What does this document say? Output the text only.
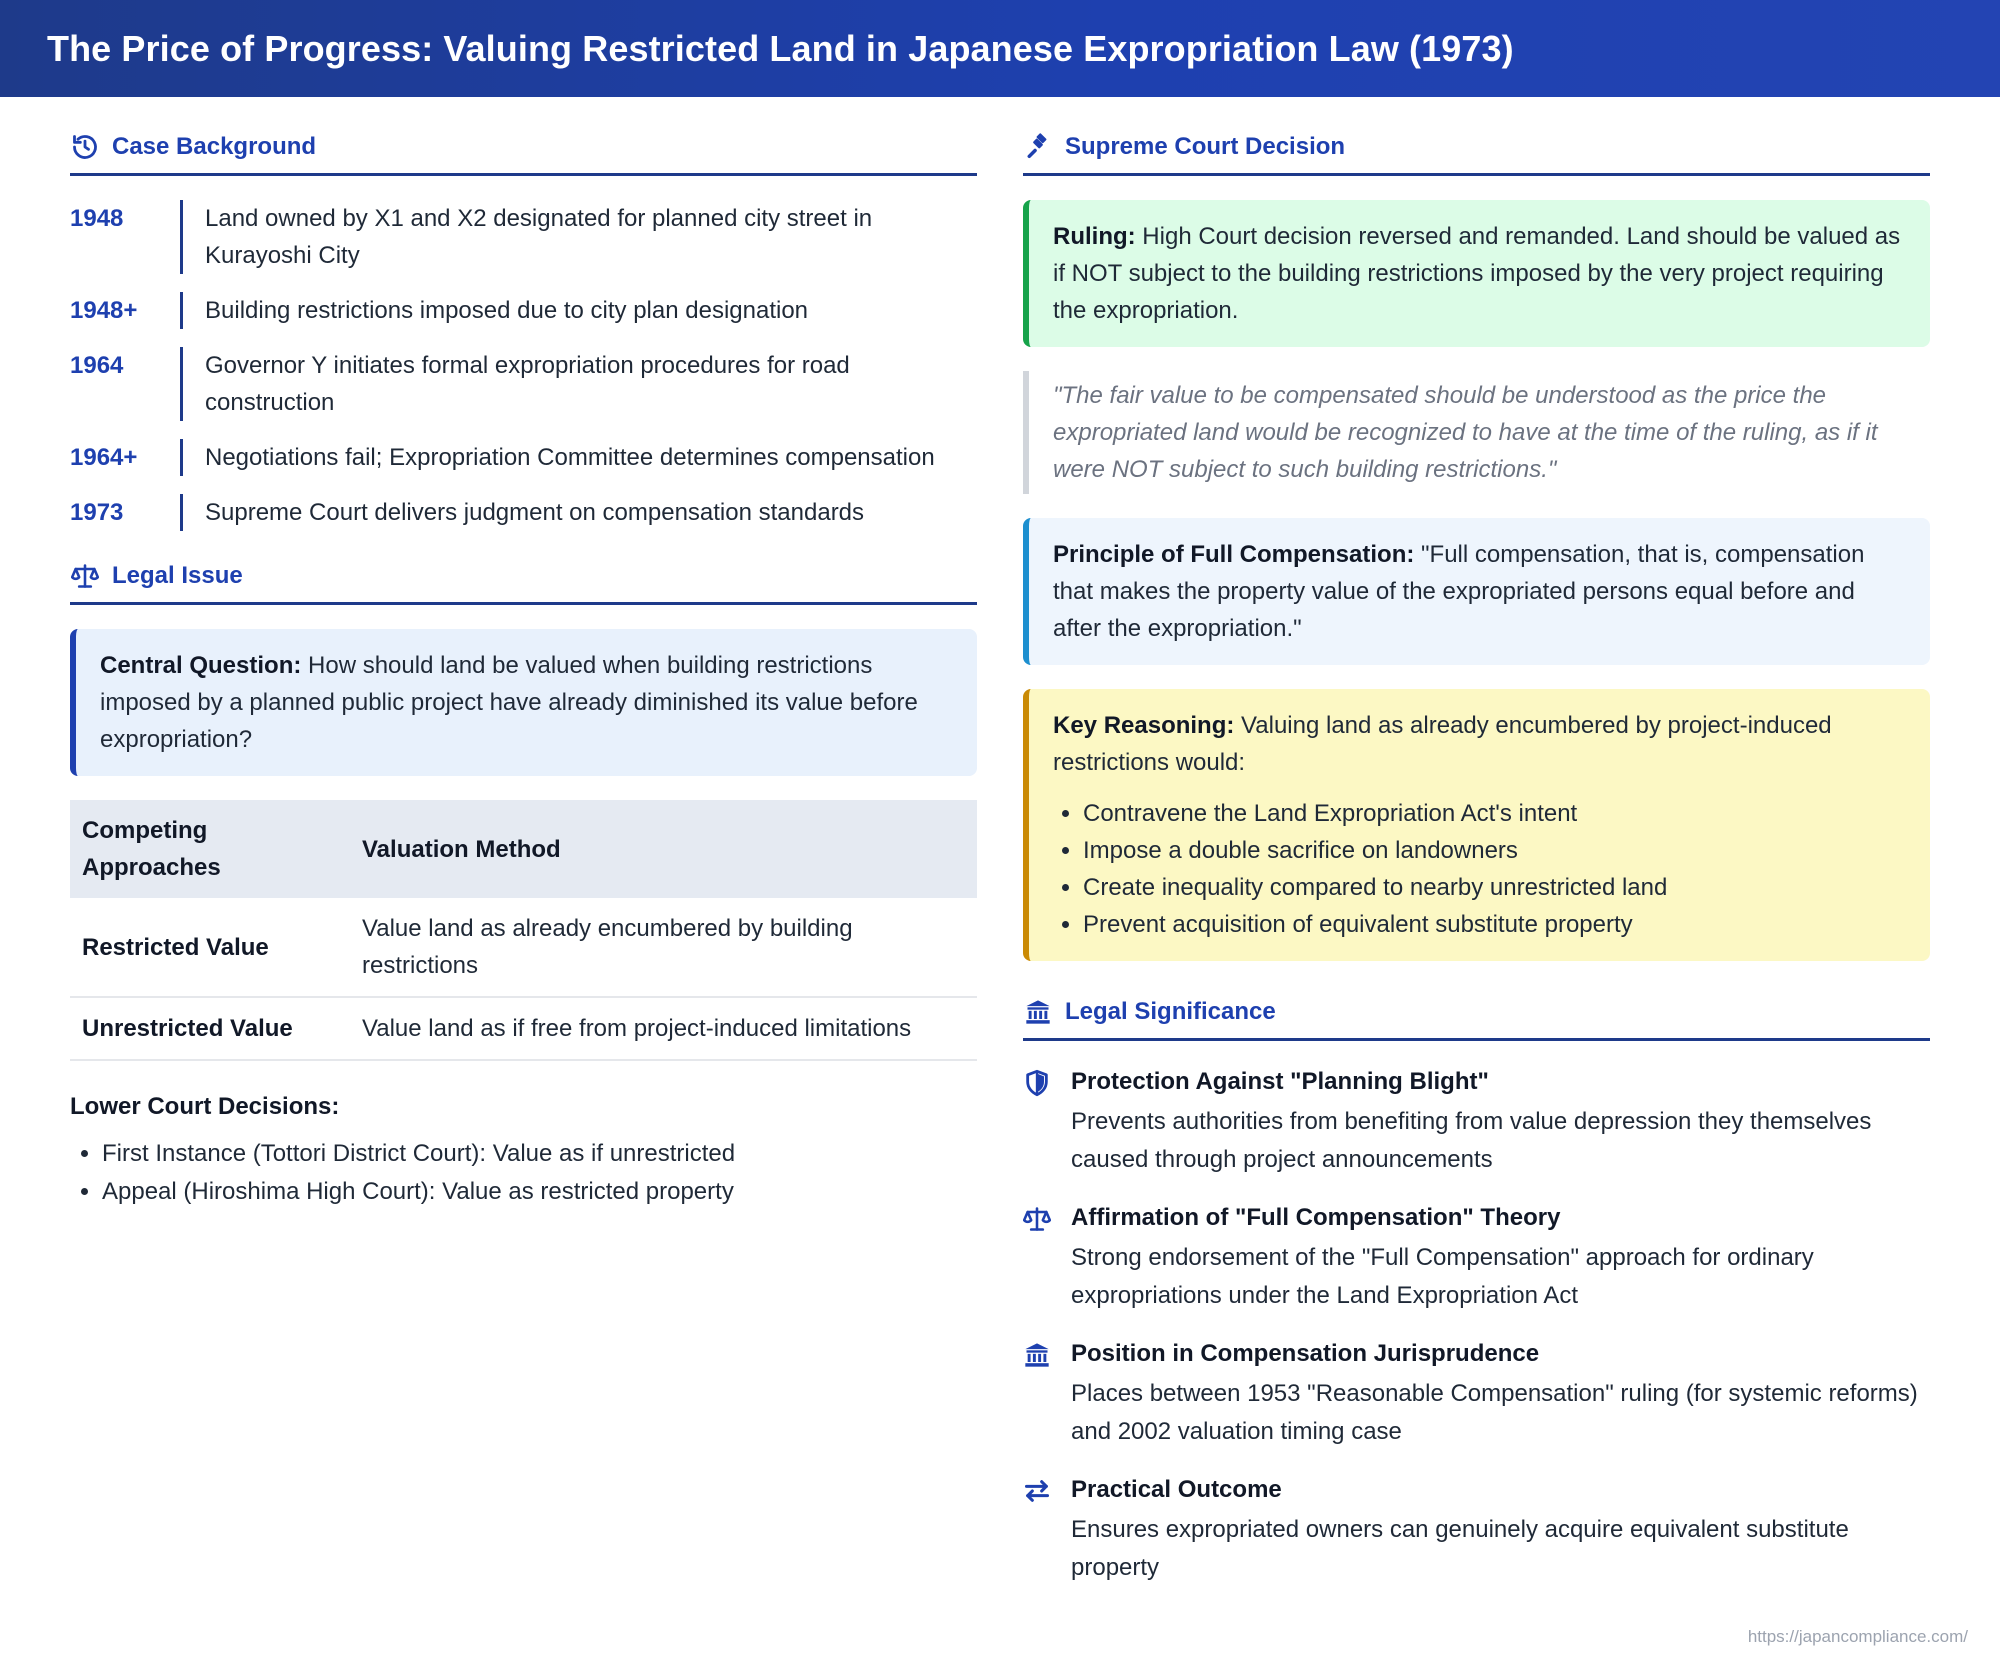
The Price of Progress: Valuing Restricted Land in Japanese Expropriation Law (1973)
Case Background
1948	Land owned by X1 and X2 designated for planned city street in Kurayoshi City
1948+	Building restrictions imposed due to city plan designation
1964	Governor Y initiates formal expropriation procedures for road construction
1964+	Negotiations fail; Expropriation Committee determines compensation
1973	Supreme Court delivers judgment on compensation standards
Legal Issue
Central Question: How should land be valued when building restrictions imposed by a planned public project have already diminished its value before expropriation?
Competing Approaches	Valuation Method
Restricted Value	Value land as already encumbered by building restrictions
Unrestricted Value	Value land as if free from project-induced limitations
Lower Court Decisions:
• First Instance (Tottori District Court): Value as if unrestricted
• Appeal (Hiroshima High Court): Value as restricted property
Supreme Court Decision
Ruling: High Court decision reversed and remanded. Land should be valued as if NOT subject to the building restrictions imposed by the very project requiring the expropriation.
"The fair value to be compensated should be understood as the price the expropriated land would be recognized to have at the time of the ruling, as if it were NOT subject to such building restrictions."
Principle of Full Compensation: "Full compensation, that is, compensation that makes the property value of the expropriated persons equal before and after the expropriation."
Key Reasoning: Valuing land as already encumbered by project-induced restrictions would:
• Contravene the Land Expropriation Act's intent
• Impose a double sacrifice on landowners
• Create inequality compared to nearby unrestricted land
• Prevent acquisition of equivalent substitute property
Legal Significance
Protection Against "Planning Blight"
Prevents authorities from benefiting from value depression they themselves caused through project announcements
Affirmation of "Full Compensation" Theory
Strong endorsement of the "Full Compensation" approach for ordinary expropriations under the Land Expropriation Act
Position in Compensation Jurisprudence
Places between 1953 "Reasonable Compensation" ruling (for systemic reforms) and 2002 valuation timing case
Practical Outcome
Ensures expropriated owners can genuinely acquire equivalent substitute property
https://japancompliance.com/
